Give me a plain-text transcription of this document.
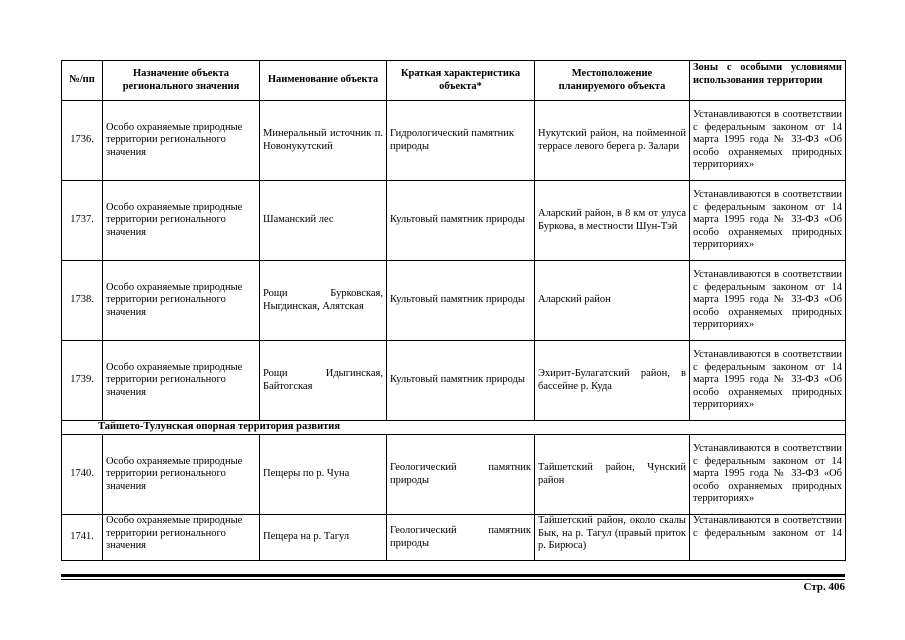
№/пп	Назначение объекта регионального значения	Наименование объекта	Краткая характеристика объекта*	Местоположение планируемого объекта	Зоны с особыми условиями использования территории
1736.	Особо охраняемые природные территории регионального значения	Минеральный источник п. Новонукутский	Гидрологический памятник природы	Нукутский район, на пойменной террасе левого берега р. Залари	Устанавливаются в соответствии с федеральным законом от 14 марта 1995 года № 33-ФЗ «Об особо охраняемых природных территориях»
1737.	Особо охраняемые природные территории регионального значения	Шаманский лес	Культовый памятник природы	Аларский район, в 8 км от улуса Буркова, в местности Шун-Тэй	Устанавливаются в соответствии с федеральным законом от 14 марта 1995 года № 33-ФЗ «Об особо охраняемых природных территориях»
1738.	Особо охраняемые природные территории регионального значения	Рощи Бурковская, Ныгдинская, Алятская	Культовый памятник природы	Аларский район	Устанавливаются в соответствии с федеральным законом от 14 марта 1995 года № 33-ФЗ «Об особо охраняемых природных территориях»
1739.	Особо охраняемые природные территории регионального значения	Рощи Идыгинская, Байтогская	Культовый памятник природы	Эхирит-Булагатский район, в бассейне р. Куда	Устанавливаются в соответствии с федеральным законом от 14 марта 1995 года № 33-ФЗ «Об особо охраняемых природных территориях»
Тайшето-Тулунская опорная территория развития					
1740.	Особо охраняемые природные территории регионального значения	Пещеры по р. Чуна	Геологический памятник природы	Тайшетский район, Чунский район	Устанавливаются в соответствии с федеральным законом от 14 марта 1995 года № 33-ФЗ «Об особо охраняемых природных территориях»
1741.	Особо охраняемые природные территории регионального значения	Пещера на р. Тагул	Геологический памятник природы	Тайшетский район, около скалы Бык, на р. Тагул (правый приток р. Бирюса)	Устанавливаются в соответствии с федеральным законом от 14
Стр. 406
